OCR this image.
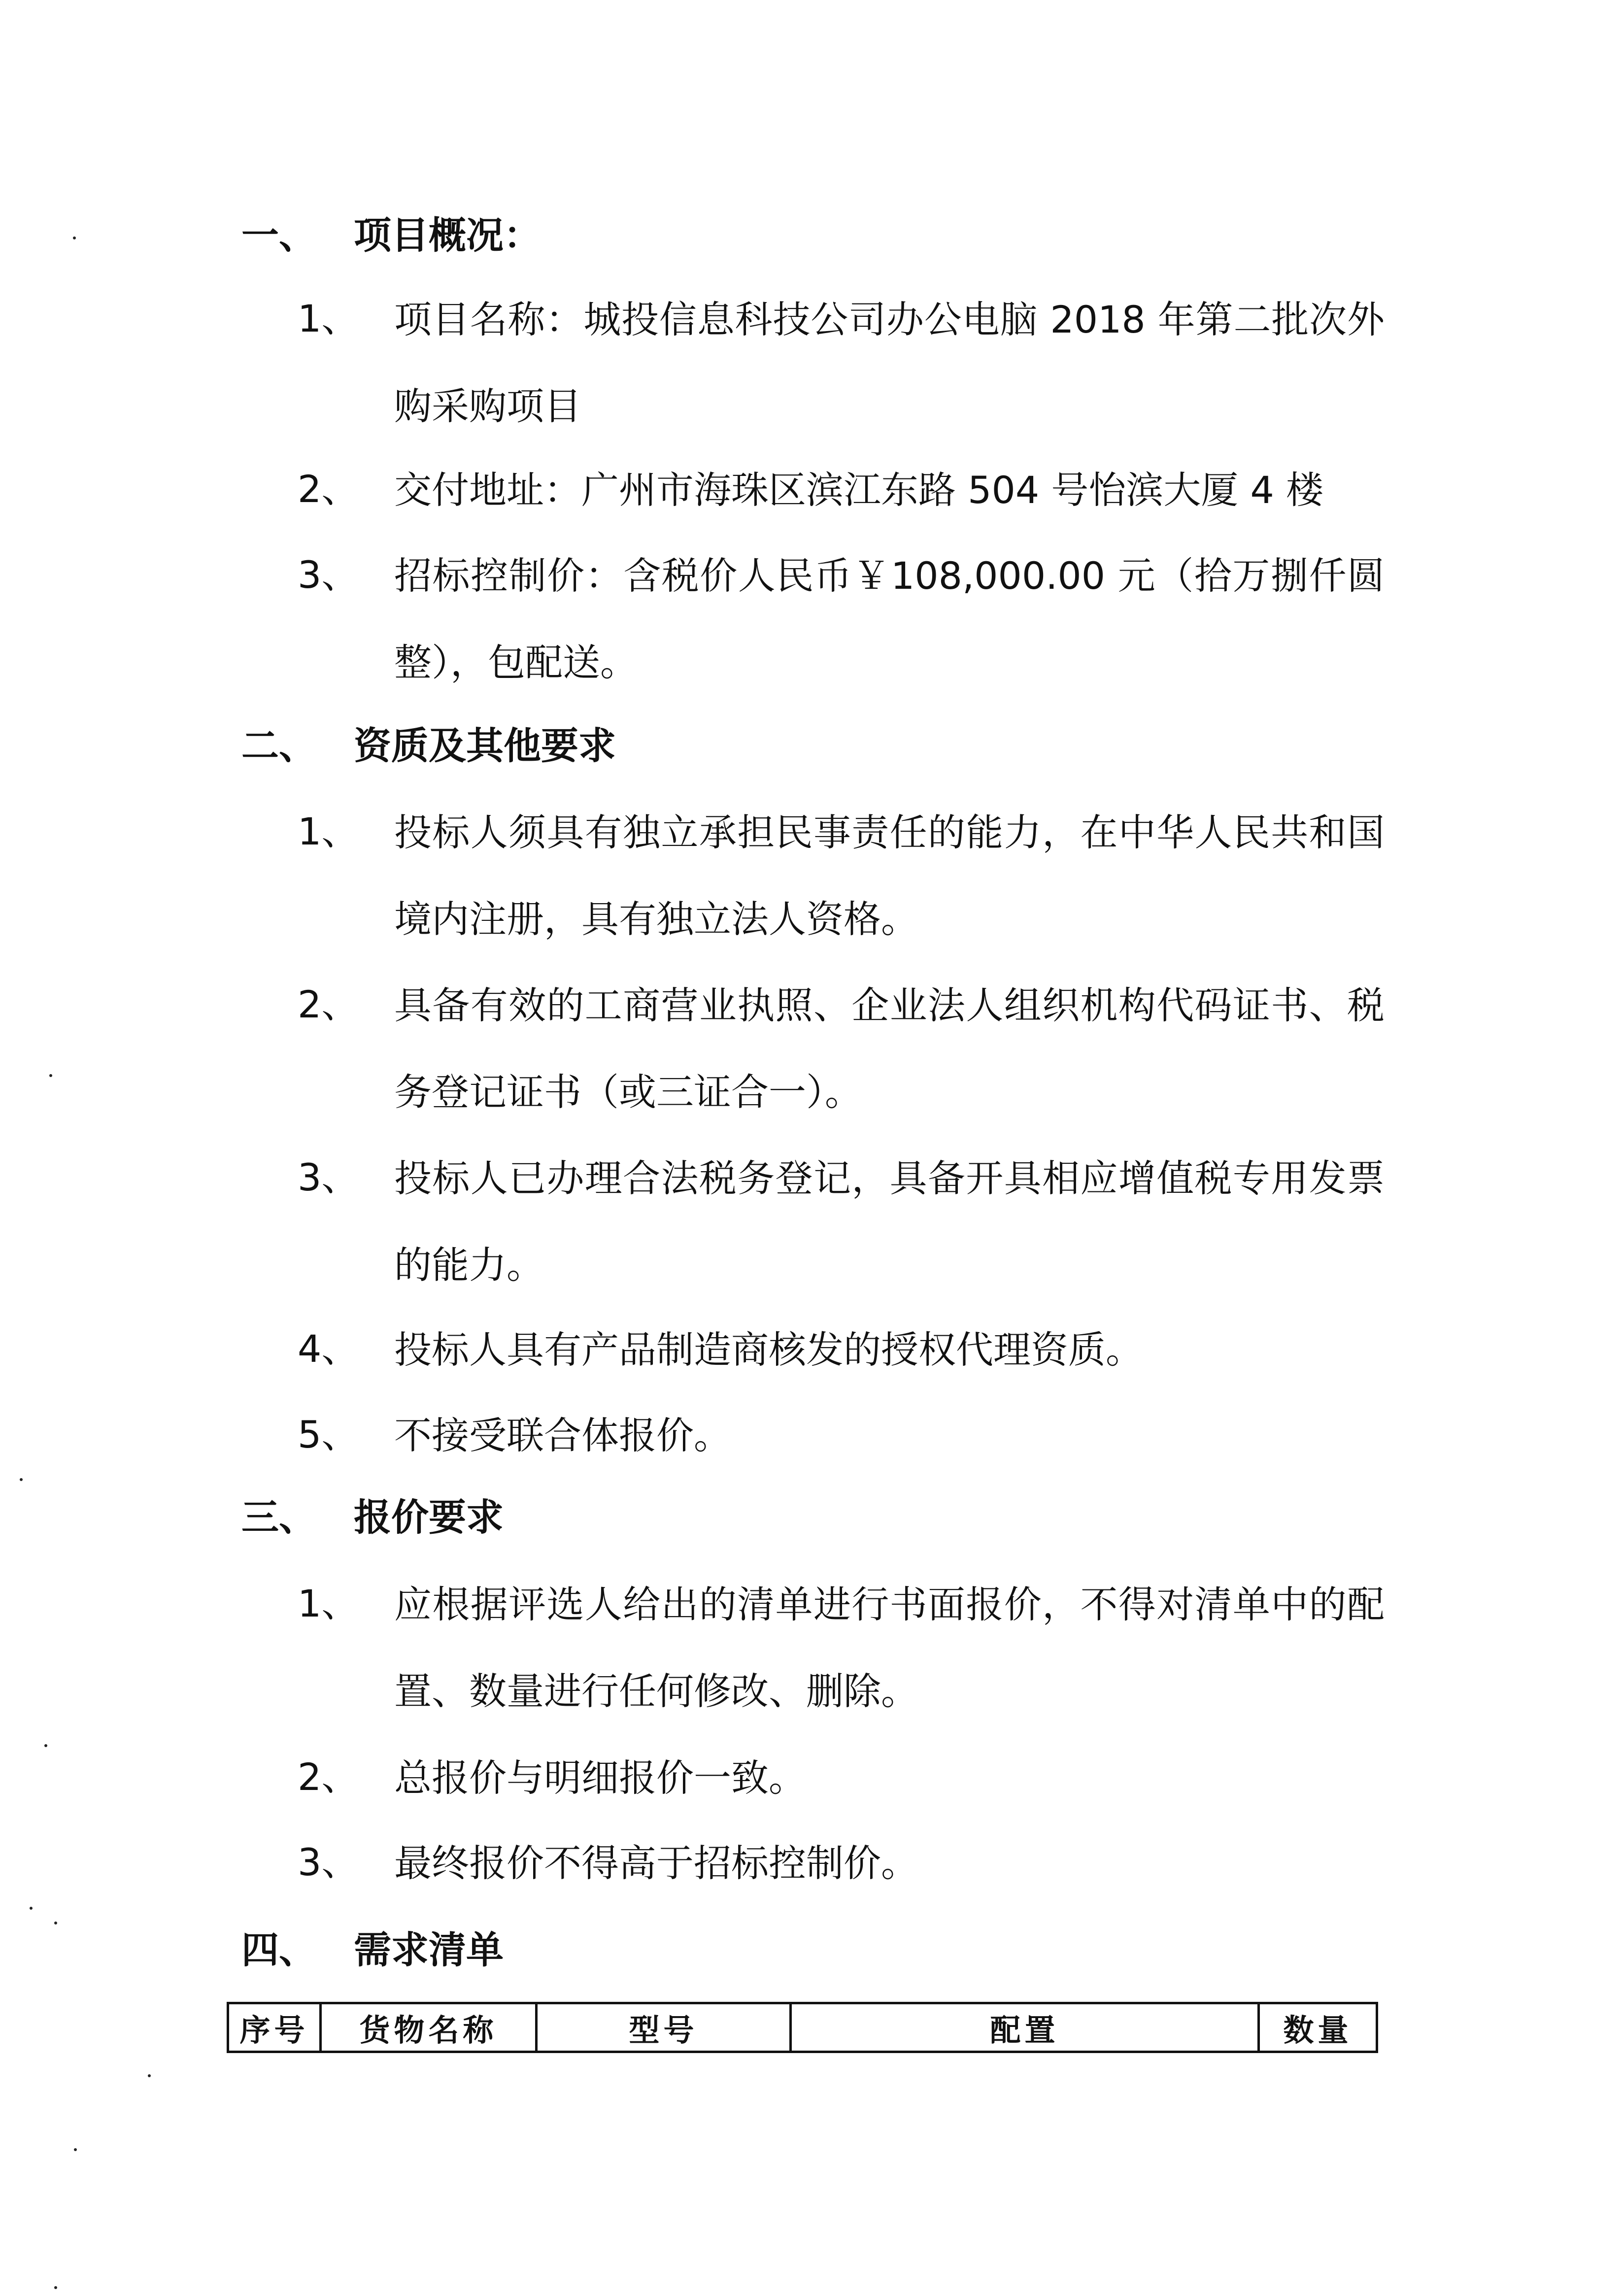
一、 项目概况：
1、 项目名称：城投信息科技公司办公电脑 2018 年第二批次外购采购项目
2、 交付地址：广州市海珠区滨江东路 504 号怡滨大厦 4 楼
3、 招标控制价：含税价人民币￥108,000.00 元（拾万捌仟圆整），包配送。
二、 资质及其他要求
1、 投标人须具有独立承担民事责任的能力，在中华人民共和国境内注册，具有独立法人资格。
2、 具备有效的工商营业执照、企业法人组织机构代码证书、税务登记证书（或三证合一）。
3、 投标人已办理合法税务登记，具备开具相应增值税专用发票的能力。
4、 投标人具有产品制造商核发的授权代理资质。
5、 不接受联合体报价。
三、 报价要求
1、 应根据评选人给出的清单进行书面报价，不得对清单中的配置、数量进行任何修改、删除。
2、 总报价与明细报价一致。
3、 最终报价不得高于招标控制价。
四、 需求清单
序号	货物名称	型号	配置	数量
